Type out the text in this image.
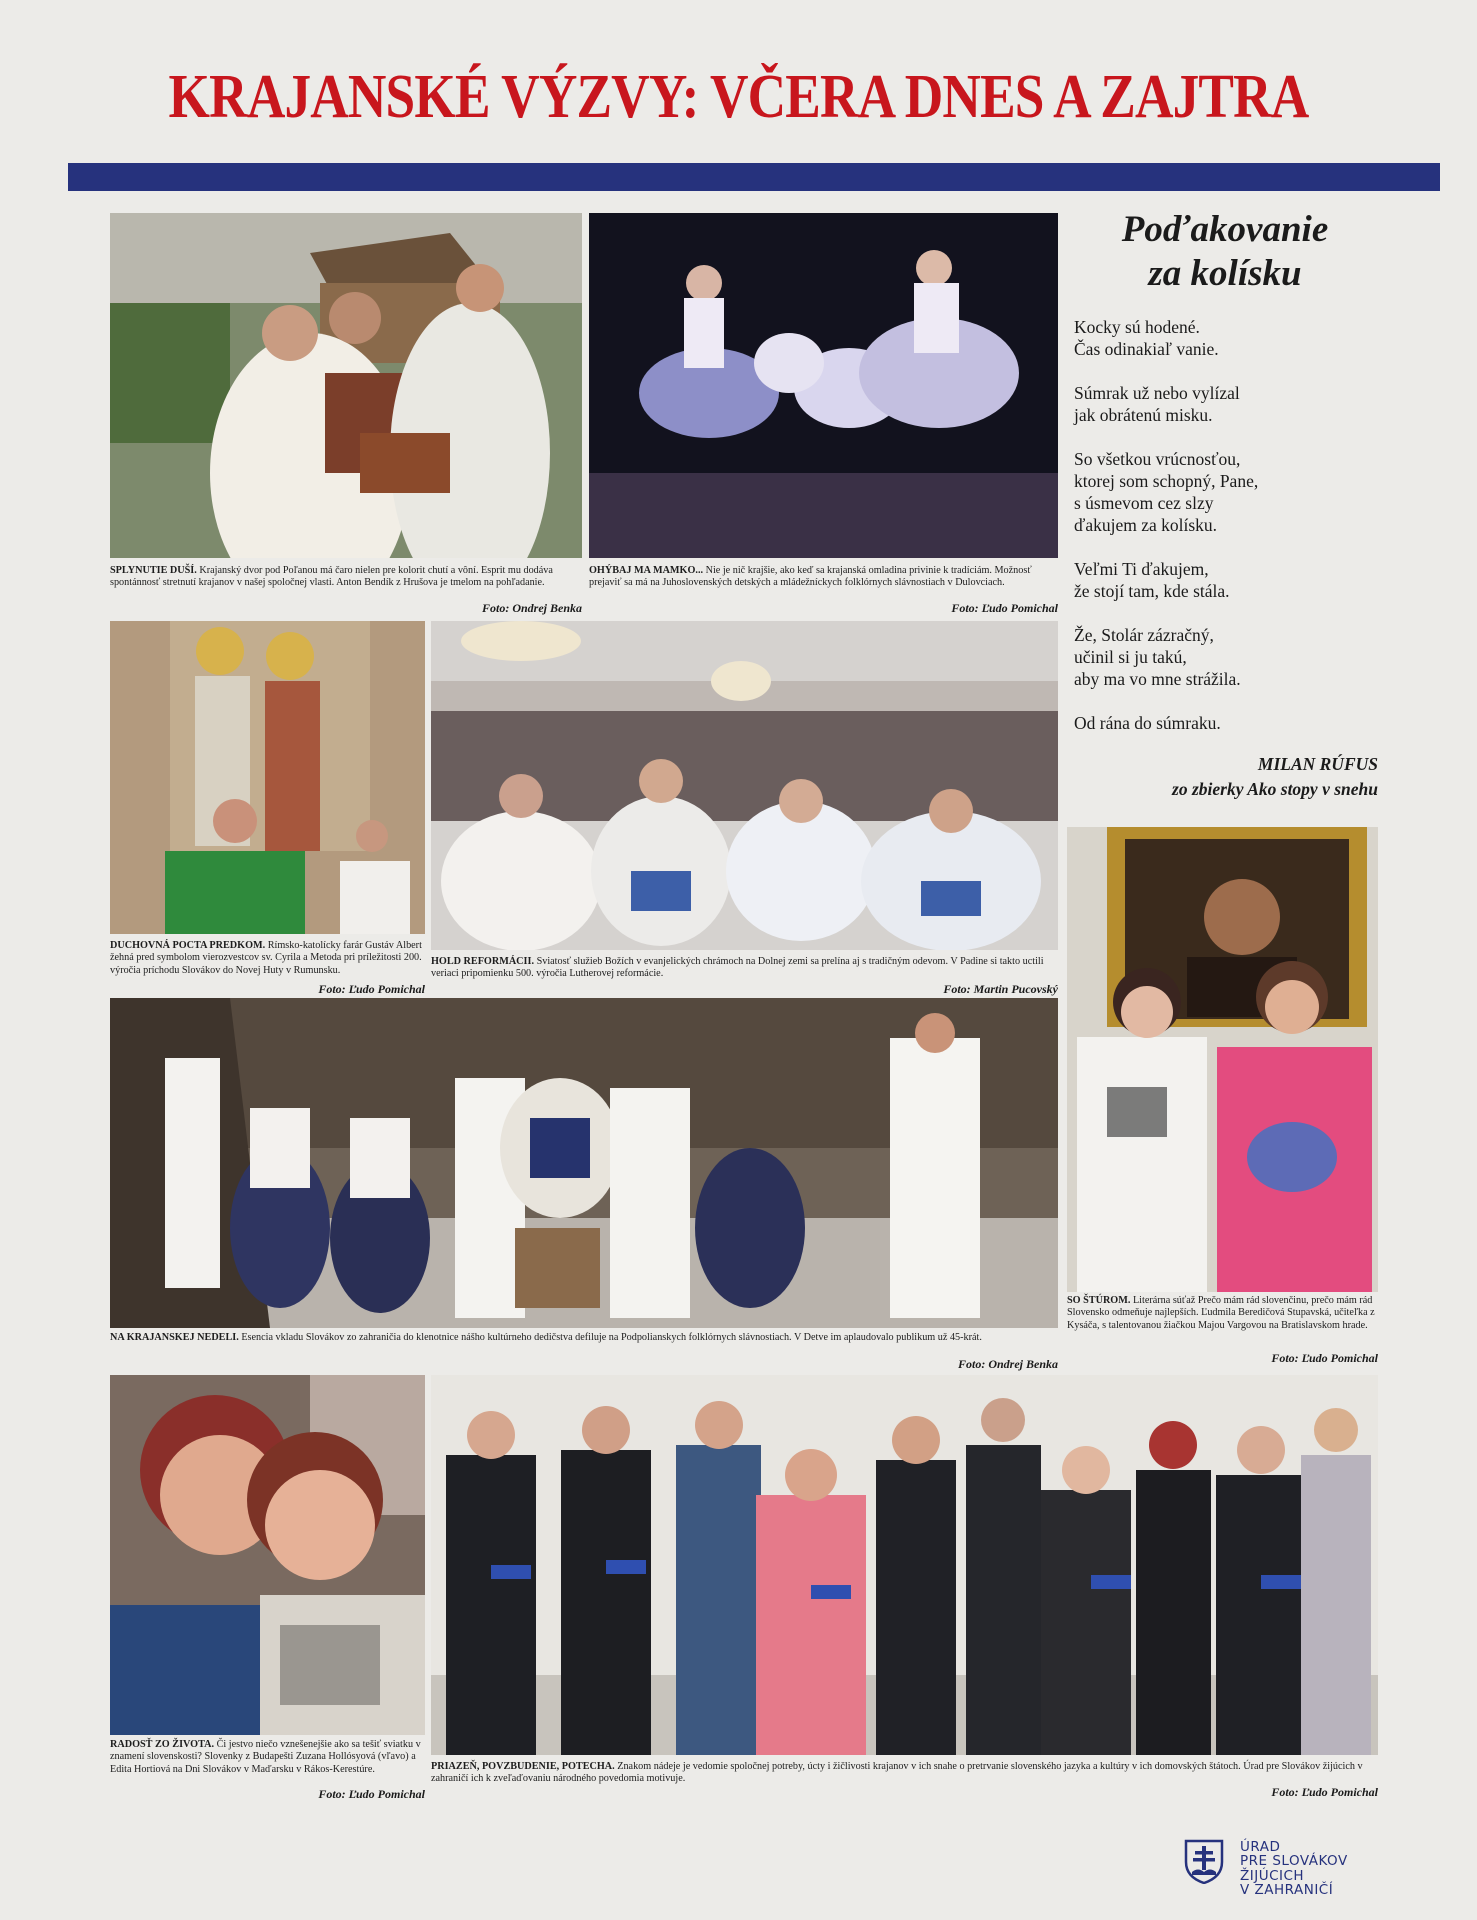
KRAJANSKÉ VÝZVY: VČERA DNES A ZAJTRA

SPLYNUTIE DUŠÍ. Krajanský dvor pod Poľanou má čaro nielen pre kolorit chutí a vôní. Esprit mu dodáva spontánnosť stretnutí krajanov v našej spoločnej vlasti. Anton Bendík z Hrušova je tmelom na pohľadanie.

Foto: Ondrej Benka

OHÝBAJ MA MAMKO... Nie je nič krajšie, ako keď sa krajanská omladina privinie k tradíciám. Možnosť prejaviť sa má na Juhoslovenských detských a mládežníckych folklórnych slávnostiach v Dulovciach.

Foto: Ľudo Pomichal

DUCHOVNÁ POCTA PREDKOM. Rímsko-katolícky farár Gustáv Albert žehná pred symbolom vierozvestcov sv. Cyrila a Metoda pri príležitosti 200. výročia príchodu Slovákov do Novej Huty v Rumunsku.

Foto: Ľudo Pomichal

HOLD REFORMÁCII. Sviatosť služieb Božích v evanjelických chrámoch na Dolnej zemi sa prelína aj s tradičným odevom. V Padine si takto uctili veriaci pripomienku 500. výročia Lutherovej reformácie.

Foto: Martin Pucovský

Poďakovanie
za kolísku

Kocky sú hodené.
Čas odinakiaľ vanie.

Súmrak už nebo vylízal
jak obrátenú misku.

So všetkou vrúcnosťou,
ktorej som schopný, Pane,
s úsmevom cez slzy
ďakujem za kolísku.

Veľmi Ti ďakujem,
že stojí tam, kde stála.

Že, Stolár zázračný,
učinil si ju takú,
aby ma vo mne strážila.

Od rána do súmraku.

MILAN RÚFUS
zo zbierky Ako stopy v snehu

SO ŠTÚROM. Literárna súťaž Prečo mám rád slovenčinu, prečo mám rád Slovensko odmeňuje najlepších. Ľudmila Beredičová Stupavská, učiteľka z Kysáča, s talentovanou žiačkou Majou Vargovou na Bratislavskom hrade.

Foto: Ľudo Pomichal

NA KRAJANSKEJ NEDELI. Esencia vkladu Slovákov zo zahraničia do klenotnice nášho kultúrneho dedičstva defiluje na Podpolianskych folklórnych slávnostiach. V Detve im aplaudovalo publikum už 45-krát.

Foto: Ondrej Benka

RADOSŤ ZO ŽIVOTA. Či jestvo niečo vznešenejšie ako sa tešiť sviatku v znamení slovenskosti? Slovenky z Budapešti Zuzana Hollósyová (vľavo) a Edita Hortiová na Dni Slovákov v Maďarsku v Rákos-Kerestúre.

Foto: Ľudo Pomichal

PRIAZEŇ, POVZBUDENIE, POTECHA. Znakom nádeje je vedomie spoločnej potreby, úcty i žičlivosti krajanov v ich snahe o pretrvanie slovenského jazyka a kultúry v ich domovských štátoch. Úrad pre Slovákov žijúcich v zahraničí ich k zveľaďovaniu národného povedomia motivuje.

Foto: Ľudo Pomichal

ÚRAD
PRE SLOVÁKOV
ŽIJÚCICH
V ZAHRANIČÍ
